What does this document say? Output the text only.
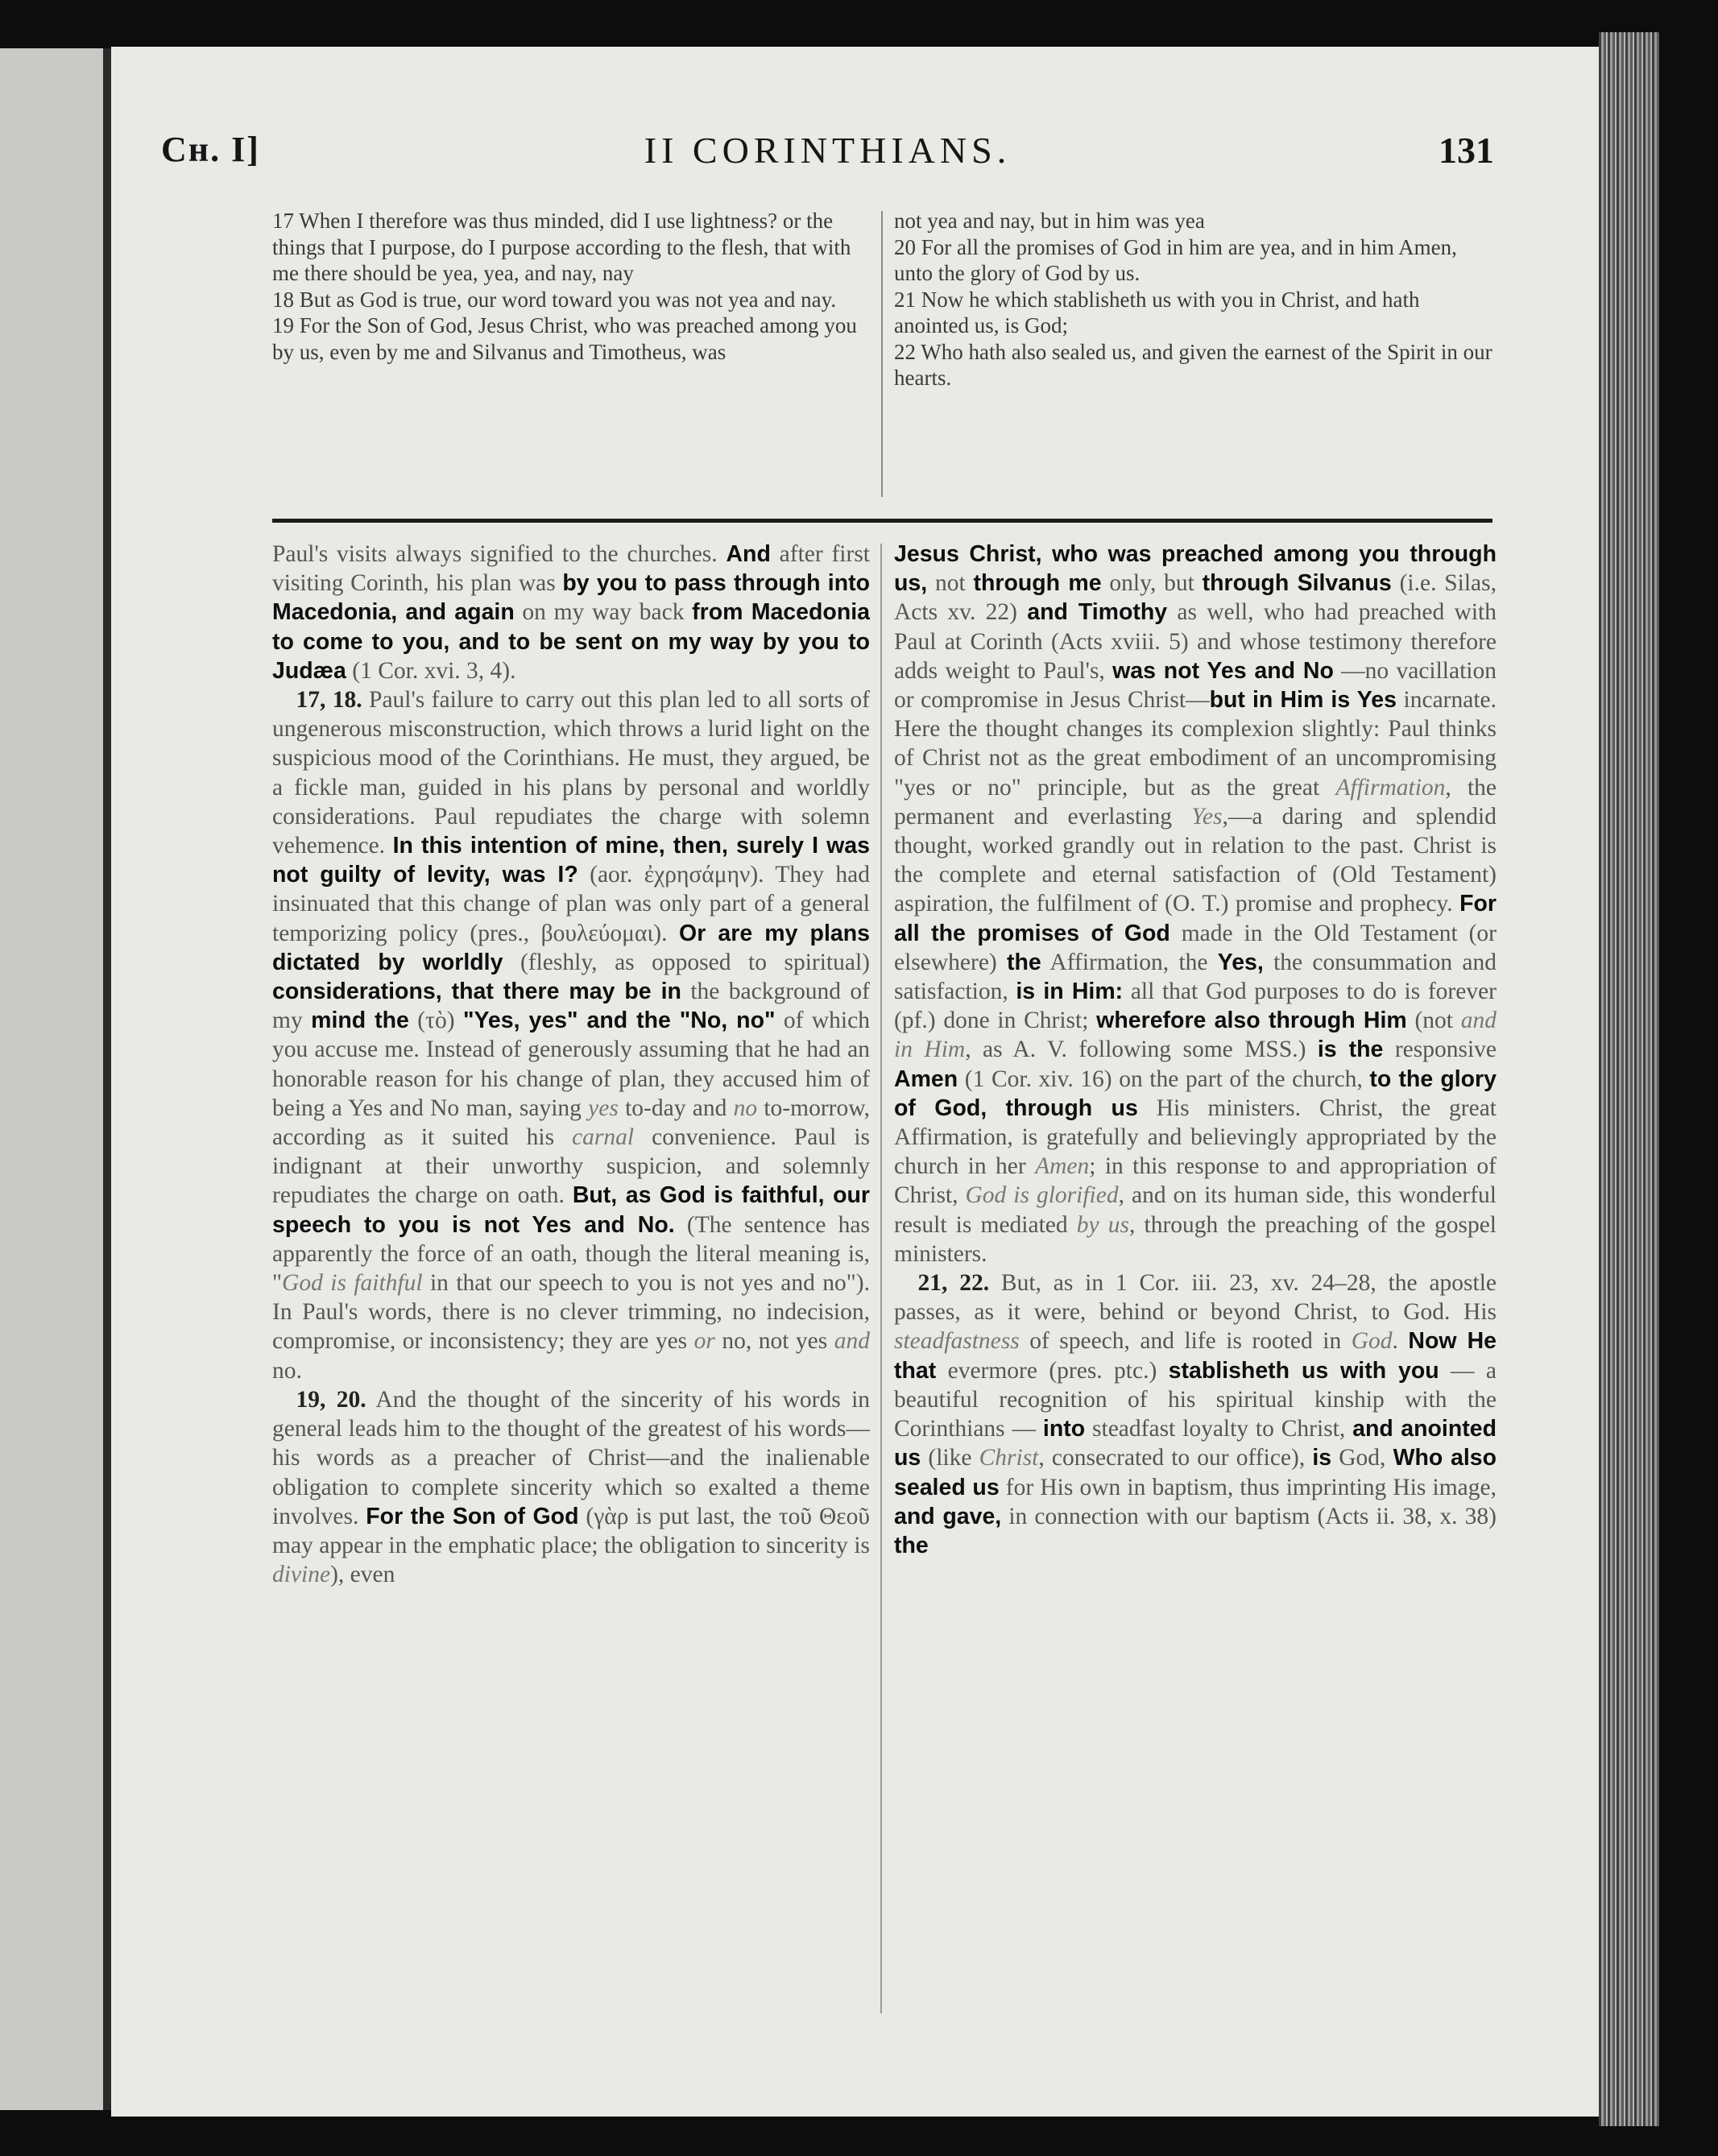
Cн. I]	II CORINTHIANS.	131
17 When I therefore was thus minded, did I use lightness? or the things that I purpose, do I purpose according to the flesh, that with me there should be yea, yea, and nay, nay
18 But as God is true, our word toward you was not yea and nay.
19 For the Son of God, Jesus Christ, who was preached among you by us, even by me and Silvanus and Timotheus, was
not yea and nay, but in him was yea
20 For all the promises of God in him are yea, and in him Amen, unto the glory of God by us.
21 Now he which stablisheth us with you in Christ, and hath anointed us, is God;
22 Who hath also sealed us, and given the earnest of the Spirit in our hearts.

Paul's visits always signified to the churches. And after first visiting Corinth, his plan was by you to pass through into Macedonia, and again on my way back from Macedonia to come to you, and to be sent on my way by you to Judæa (1 Cor. xvi. 3, 4).

 17, 18. Paul's failure to carry out this plan led to all sorts of ungenerous misconstruction, which throws a lurid light on the suspicious mood of the Corinthians. He must, they argued, be a fickle man, guided in his plans by personal and worldly considerations. Paul repudiates the charge with solemn vehemence. In this intention of mine, then, surely I was not guilty of levity, was I? (aor. ἐχρησάμην). They had insinuated that this change of plan was only part of a general temporizing policy (pres., βουλεύομαι). Or are my plans dictated by worldly (fleshly, as opposed to spiritual) considerations, that there may be in the background of my mind the (τὸ) "Yes, yes" and the "No, no" of which you accuse me. Instead of generously assuming that he had an honorable reason for his change of plan, they accused him of being a Yes and No man, saying yes to-day and no to-morrow, according as it suited his carnal convenience. Paul is indignant at their unworthy suspicion, and solemnly repudiates the charge on oath. But, as God is faithful, our speech to you is not Yes and No. (The sentence has apparently the force of an oath, though the literal meaning is, "God is faithful in that our speech to you is not yes and no"). In Paul's words, there is no clever trimming, no indecision, compromise, or inconsistency; they are yes or no, not yes and no.

 19, 20. And the thought of the sincerity of his words in general leads him to the thought of the greatest of his words—his words as a preacher of Christ—and the inalienable obligation to complete sincerity which so exalted a theme involves. For the Son of God (γὰρ is put last, the τοῦ Θεοῦ may appear in the emphatic place; the obligation to sincerity is divine), even

Jesus Christ, who was preached among you through us, not through me only, but through Silvanus (i.e. Silas, Acts xv. 22) and Timothy as well, who had preached with Paul at Corinth (Acts xviii. 5) and whose testimony therefore adds weight to Paul's, was not Yes and No —no vacillation or compromise in Jesus Christ—but in Him is Yes incarnate. Here the thought changes its complexion slightly: Paul thinks of Christ not as the great embodiment of an uncompromising "yes or no" principle, but as the great Affirmation, the permanent and everlasting Yes,—a daring and splendid thought, worked grandly out in relation to the past. Christ is the complete and eternal satisfaction of (Old Testament) aspiration, the fulfilment of (O. T.) promise and prophecy. For all the promises of God made in the Old Testament (or elsewhere) the Affirmation, the Yes, the consummation and satisfaction, is in Him: all that God purposes to do is forever (pf.) done in Christ; wherefore also through Him (not and in Him, as A. V. following some MSS.) is the responsive Amen (1 Cor. xiv. 16) on the part of the church, to the glory of God, through us His ministers. Christ, the great Affirmation, is gratefully and believingly appropriated by the church in her Amen; in this response to and appropriation of Christ, God is glorified, and on its human side, this wonderful result is mediated by us, through the preaching of the gospel ministers.

 21, 22. But, as in 1 Cor. iii. 23, xv. 24–28, the apostle passes, as it were, behind or beyond Christ, to God. His steadfastness of speech, and life is rooted in God. Now He that evermore (pres. ptc.) stablisheth us with you — a beautiful recognition of his spiritual kinship with the Corinthians — into steadfast loyalty to Christ, and anointed us (like Christ, consecrated to our office), is God, Who also sealed us for His own in baptism, thus imprinting His image, and gave, in connection with our baptism (Acts ii. 38, x. 38) the
